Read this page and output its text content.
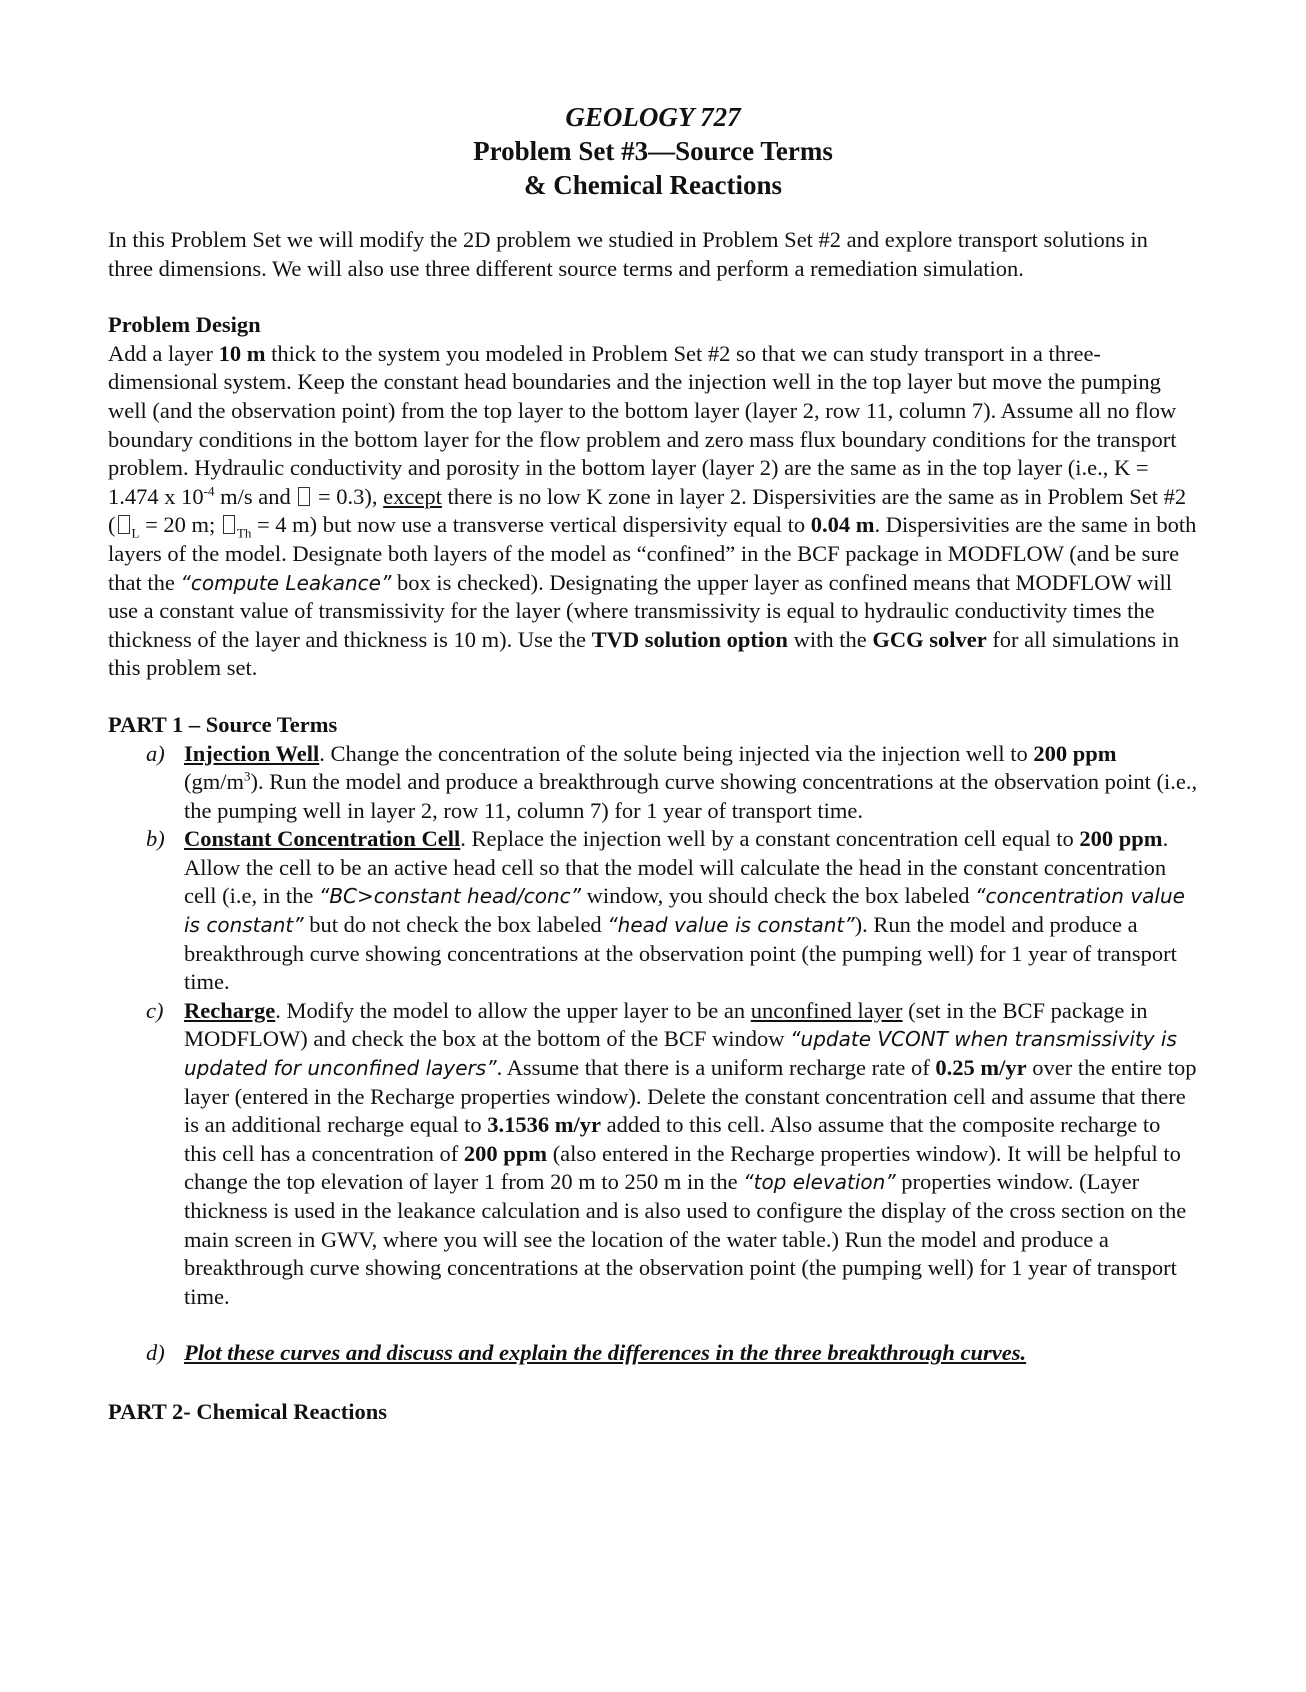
GEOLOGY 727
Problem Set #3—Source Terms
& Chemical Reactions

In this Problem Set we will modify the 2D problem we studied in Problem Set #2 and explore transport solutions in three dimensions. We will also use three different source terms and perform a remediation simulation.

Problem Design

Add a layer 10 m thick to the system you modeled in Problem Set #2 so that we can study transport in a three-dimensional system. Keep the constant head boundaries and the injection well in the top layer but move the pumping well (and the observation point) from the top layer to the bottom layer (layer 2, row 11, column 7). Assume all no flow boundary conditions in the bottom layer for the flow problem and zero mass flux boundary conditions for the transport problem. Hydraulic conductivity and porosity in the bottom layer (layer 2) are the same as in the top layer (i.e., K = 1.474 x $10^{-4}$ m/s and  = 0.3), except there is no low K zone in layer 2. Dispersivities are the same as in Problem Set #2 ( $_L$ = 20 m; $_{Th}$ = 4 m) but now use a transverse vertical dispersivity equal to 0.04 m. Dispersivities are the same in both layers of the model. Designate both layers of the model as “confined” in the BCF package in MODFLOW (and be sure that the “compute Leakance” box is checked). Designating the upper layer as confined means that MODFLOW will use a constant value of transmissivity for the layer (where transmissivity is equal to hydraulic conductivity times the thickness of the layer and thickness is 10 m). Use the TVD solution option with the GCG solver for all simulations in this problem set.

PART 1 – Source Terms
a) Injection Well. Change the concentration of the solute being injected via the injection well to 200 ppm $(gm/m^3)$. Run the model and produce a breakthrough curve showing concentrations at the observation point (i.e., the pumping well in layer 2, row 11, column 7) for 1 year of transport time.
b) Constant Concentration Cell. Replace the injection well by a constant concentration cell equal to 200 ppm. Allow the cell to be an active head cell so that the model will calculate the head in the constant concentration cell (i.e, in the “BC>constant head/conc” window, you should check the box labeled “concentration value is constant” but do not check the box labeled “head value is constant”). Run the model and produce a breakthrough curve showing concentrations at the observation point (the pumping well) for 1 year of transport time.
c) Recharge. Modify the model to allow the upper layer to be an unconfined layer (set in the BCF package in MODFLOW) and check the box at the bottom of the BCF window “update VCONT when transmissivity is updated for unconfined layers”. Assume that there is a uniform recharge rate of 0.25 m/yr over the entire top layer (entered in the Recharge properties window). Delete the constant concentration cell and assume that there is an additional recharge equal to 3.1536 m/yr added to this cell. Also assume that the composite recharge to this cell has a concentration of 200 ppm (also entered in the Recharge properties window). It will be helpful to change the top elevation of layer 1 from 20 m to 250 m in the “top elevation” properties window. (Layer thickness is used in the leakance calculation and is also used to configure the display of the cross section on the main screen in GWV, where you will see the location of the water table.) Run the model and produce a breakthrough curve showing concentrations at the observation point (the pumping well) for 1 year of transport time.
d) Plot these curves and discuss and explain the differences in the three breakthrough curves.
PART 2- Chemical Reactions
